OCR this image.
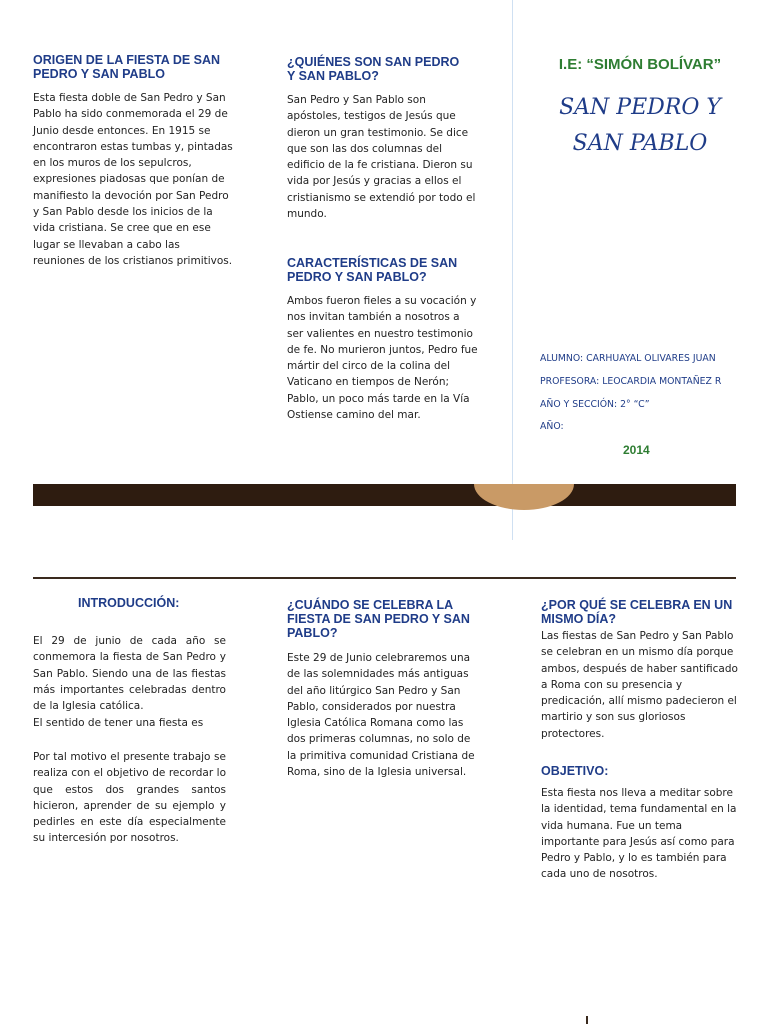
ORIGEN DE LA FIESTA DE SAN PEDRO Y SAN PABLO
Esta fiesta doble de San Pedro y San Pablo ha sido conmemorada el 29 de Junio desde entonces. En 1915 se encontraron estas tumbas y, pintadas en los muros de los sepulcros, expresiones piadosas que ponían de manifiesto la devoción por San Pedro y San Pablo desde los inicios de la vida cristiana. Se cree que en ese lugar se llevaban a cabo las reuniones de los cristianos primitivos.
¿QUIÉNES SON SAN PEDRO Y SAN PABLO?
San Pedro y San Pablo son apóstoles, testigos de Jesús que dieron un gran testimonio. Se dice que son las dos columnas del edificio de la fe cristiana. Dieron su vida por Jesús y gracias a ellos el cristianismo se extendió por todo el mundo.
CARACTERÍSTICAS DE SAN PEDRO Y SAN PABLO?
Ambos fueron fieles a su vocación y nos invitan también a nosotros a ser valientes en nuestro testimonio de fe. No murieron juntos, Pedro fue mártir del circo de la colina del Vaticano en tiempos de Nerón; Pablo, un poco más tarde en la Vía Ostiense camino del mar.
I.E: “SIMÓN BOLÍVAR”
SAN PEDRO Y
SAN PABLO
ALUMNO: CARHUAYAL OLIVARES JUAN
PROFESORA: LEOCARDIA MONTAÑEZ R
AÑO Y SECCIÓN: 2° “C”
AÑO:
2014
INTRODUCCIÓN:
El 29 de junio de cada año se conmemora la fiesta de San Pedro y San Pablo. Siendo una de las fiestas más importantes celebradas dentro de la Iglesia católica.
El sentido de tener una fiesta es
Por tal motivo el presente trabajo se realiza con el objetivo de recordar lo que estos dos grandes santos hicieron, aprender de su ejemplo y pedirles en este día especialmente su intercesión por nosotros.
¿CUÁNDO SE CELEBRA LA FIESTA DE SAN PEDRO Y SAN PABLO?
Este 29 de Junio celebraremos una de las solemnidades más antiguas del año litúrgico San Pedro y San Pablo, considerados por nuestra Iglesia Católica Romana como las dos primeras columnas, no solo de la primitiva comunidad Cristiana de Roma, sino de la Iglesia universal.
¿POR QUÉ SE CELEBRA EN UN MISMO DÍA?
Las fiestas de San Pedro y San Pablo se celebran en un mismo día porque ambos, después de haber santificado a Roma con su presencia y predicación, allí mismo padecieron el martirio y son sus gloriosos protectores.
OBJETIVO:
Esta fiesta nos lleva a meditar sobre la identidad, tema fundamental en la vida humana. Fue un tema importante para Jesús así como para Pedro y Pablo, y lo es también para cada uno de nosotros.
